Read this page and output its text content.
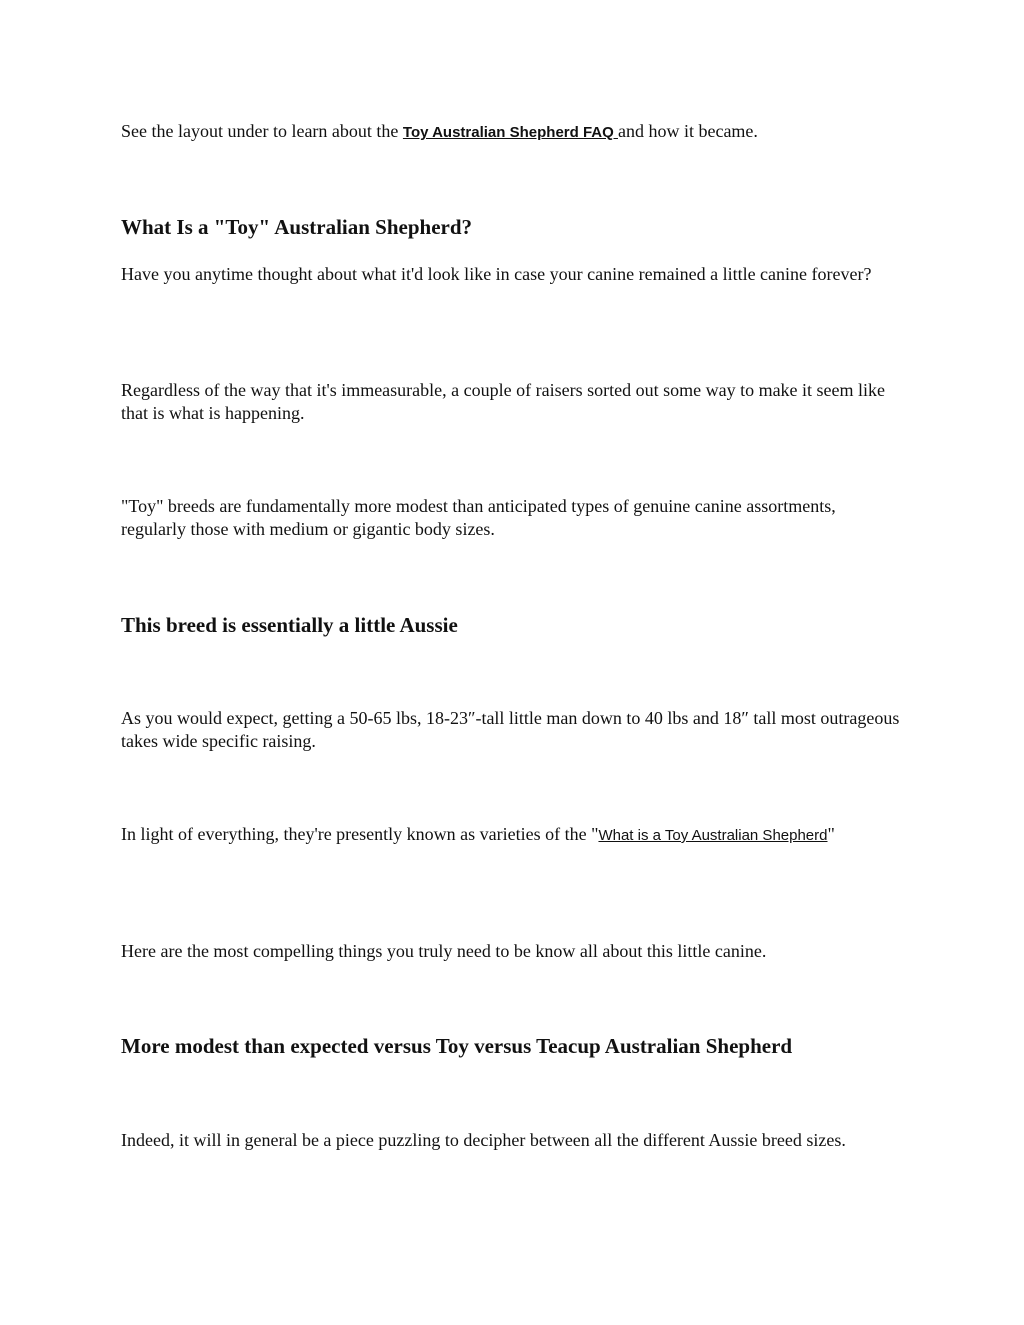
See the layout under to learn about the Toy Australian Shepherd FAQ and how it became.

What Is a "Toy" Australian Shepherd?

Have you anytime thought about what it'd look like in case your canine remained a little canine forever?

Regardless of the way that it's immeasurable, a couple of raisers sorted out some way to make it seem like that is what is happening.

"Toy" breeds are fundamentally more modest than anticipated types of genuine canine assortments, regularly those with medium or gigantic body sizes.

This breed is essentially a little Aussie

As you would expect, getting a 50-65 lbs, 18-23″-tall little man down to 40 lbs and 18″ tall most outrageous takes wide specific raising.

In light of everything, they're presently known as varieties of the "What is a Toy Australian Shepherd"

Here are the most compelling things you truly need to be know all about this little canine.

More modest than expected versus Toy versus Teacup Australian Shepherd

Indeed, it will in general be a piece puzzling to decipher between all the different Aussie breed sizes.
